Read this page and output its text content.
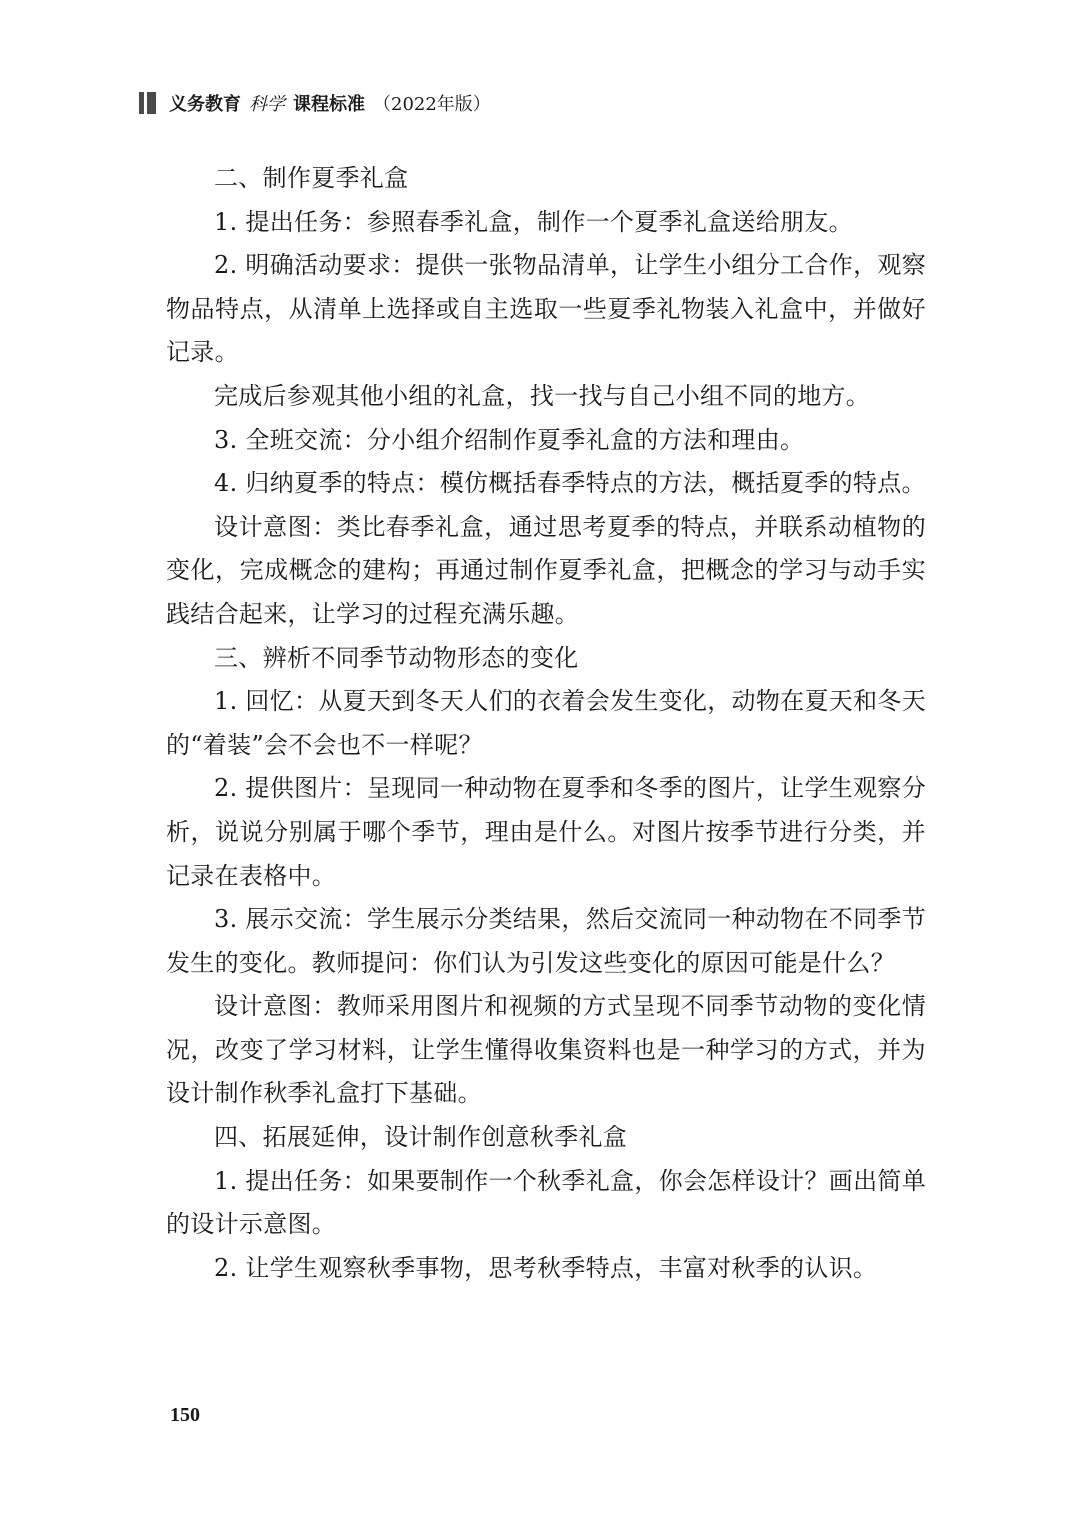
义务教育 科学 课程标准 （2022年版）

二、制作夏季礼盒

1. 提出任务：参照春季礼盒，制作一个夏季礼盒送给朋友。

2. 明确活动要求：提供一张物品清单，让学生小组分工合作，观察物品特点，从清单上选择或自主选取一些夏季礼物装入礼盒中，并做好记录。

完成后参观其他小组的礼盒，找一找与自己小组不同的地方。

3. 全班交流：分小组介绍制作夏季礼盒的方法和理由。

4. 归纳夏季的特点：模仿概括春季特点的方法，概括夏季的特点。

设计意图：类比春季礼盒，通过思考夏季的特点，并联系动植物的变化，完成概念的建构；再通过制作夏季礼盒，把概念的学习与动手实践结合起来，让学习的过程充满乐趣。

三、辨析不同季节动物形态的变化

1. 回忆：从夏天到冬天人们的衣着会发生变化，动物在夏天和冬天的“着装”会不会也不一样呢？

2. 提供图片：呈现同一种动物在夏季和冬季的图片，让学生观察分析，说说分别属于哪个季节，理由是什么。对图片按季节进行分类，并记录在表格中。

3. 展示交流：学生展示分类结果，然后交流同一种动物在不同季节发生的变化。教师提问：你们认为引发这些变化的原因可能是什么？

设计意图：教师采用图片和视频的方式呈现不同季节动物的变化情况，改变了学习材料，让学生懂得收集资料也是一种学习的方式，并为设计制作秋季礼盒打下基础。

四、拓展延伸，设计制作创意秋季礼盒

1. 提出任务：如果要制作一个秋季礼盒，你会怎样设计？画出简单的设计示意图。

2. 让学生观察秋季事物，思考秋季特点，丰富对秋季的认识。

150
